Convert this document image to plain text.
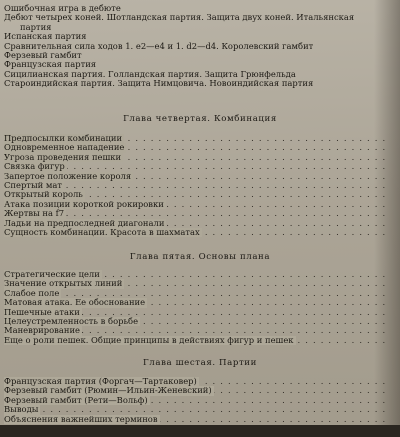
Ошибочная игра в дебюте
Дебют четырех коней. Шотландская партия. Защита двух коней. Итальянская
партия
Испанская партия
Сравнительная сила ходов 1. е2—е4 и 1. d2—d4. Королевский гамбит
Ферзевый гамбит
Французская партия
Сицилианская партия. Голландская партия. Защита Грюнфельда
Староиндийская партия. Защита Нимцовича. Новоиндийская партия
Глава четвертая. Комбинация
Предпосылки комбинации
. . .
Одновременное нападение
. . .
Угроза проведения пешки
. . .
Связка фигур
. . .
Запертое положение короля
. . .
Спертый мат
. . .
Открытый король
. . .
Атака позиции короткой рокировки
. . .
Жертвы на f7
. . .
Ладьи на предпоследней диагонали
. . .
Сущность комбинации. Красота в шахматах
. . .
Глава пятая. Основы плана
Стратегические цели
. . .
Значение открытых линий
. . .
Слабое поле
. . .
Матовая атака. Ее обоснование
. . .
Пешечные атаки
. . .
Целеустремленность в борьбе
. . .
Маневрирование
. . .
Еще о роли пешек. Общие принципы в действиях фигур и пешек
. . .
Глава шестая. Партии
Французская партия (Форгач—Тартаковер)
. . .
Ферзевый гамбит (Рюмин—Ильин-Женевский)
. . .
Ферзевый гамбит (Рети—Вольф)
. . .
Выводы
. . .
Объяснения важнейших терминов
. . .
